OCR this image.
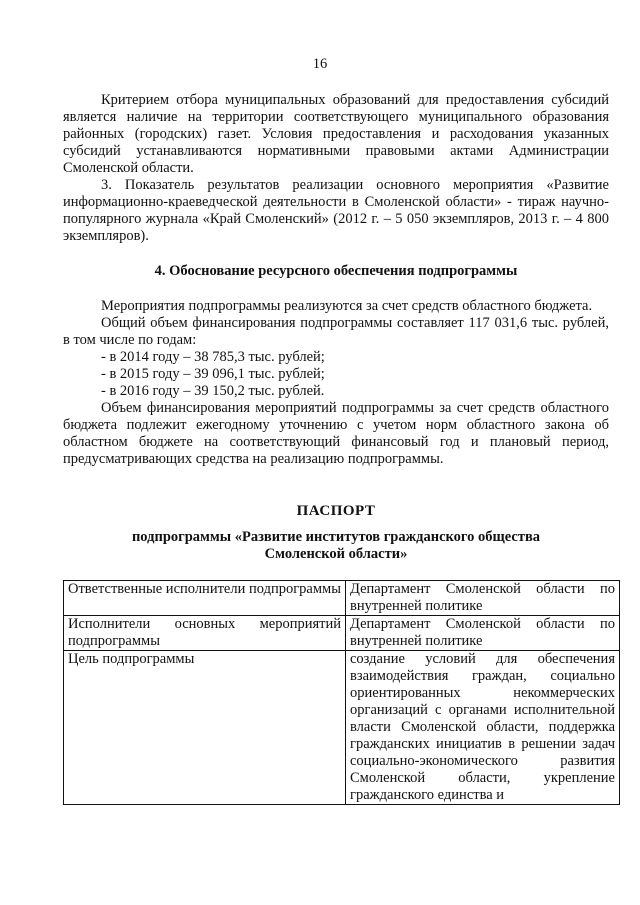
16

Критерием отбора муниципальных образований для предоставления субсидий является наличие на территории соответствующего муниципального образования районных (городских) газет. Условия предоставления и расходования указанных субсидий устанавливаются нормативными правовыми актами Администрации Смоленской области.

3. Показатель результатов реализации основного мероприятия «Развитие информационно-краеведческой деятельности в Смоленской области» - тираж научно-популярного журнала «Край Смоленский» (2012 г. – 5 050 экземпляров, 2013 г. – 4 800 экземпляров).

4. Обоснование ресурсного обеспечения подпрограммы

Мероприятия подпрограммы реализуются за счет средств областного бюджета.

Общий объем финансирования подпрограммы составляет 117 031,6 тыс. рублей, в том числе по годам:

- в 2014 году – 38 785,3 тыс. рублей;

- в 2015 году – 39 096,1 тыс. рублей;

- в 2016 году – 39 150,2 тыс. рублей.

Объем финансирования мероприятий подпрограммы за счет средств областного бюджета подлежит ежегодному уточнению с учетом норм областного закона об областном бюджете на соответствующий финансовый год и плановый период, предусматривающих средства на реализацию подпрограммы.

ПАСПОРТ
подпрограммы «Развитие институтов гражданского общества
Смоленской области»
Ответственные исполнители подпрограммы	Департамент Смоленской области по внутренней политике
Исполнители основных мероприятий подпрограммы	Департамент Смоленской области по внутренней политике
Цель подпрограммы	создание условий для обеспечения взаимодействия граждан, социально ориентированных некоммерческих организаций с органами исполнительной власти Смоленской области, поддержка гражданских инициатив в решении задач социально-экономического развития Смоленской области, укрепление гражданского единства и
